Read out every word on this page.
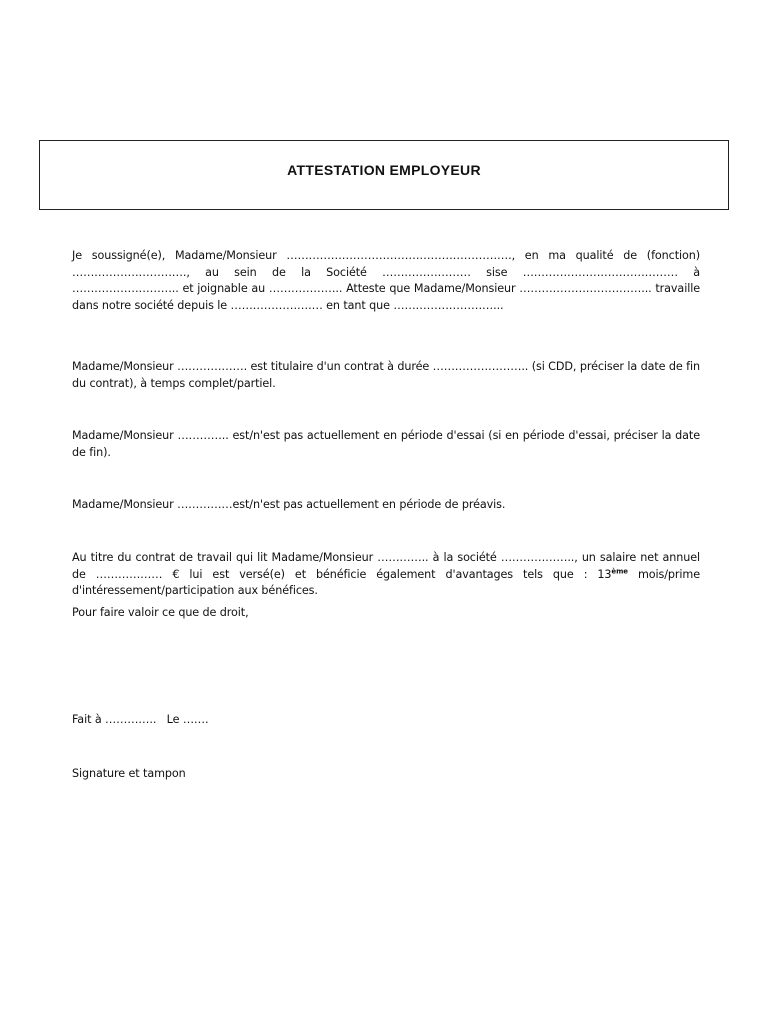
ATTESTATION EMPLOYEUR

Je soussigné(e), Madame/Monsieur ……………………………………………………., en ma qualité de (fonction) …………………………., au sein de la Société …………………… sise …………………………………… à ……………………….. et joignable au ……………….. Atteste que Madame/Monsieur ……………………………... travaille dans notre société depuis le ………………….… en tant que ………………………...

Madame/Monsieur ………………. est titulaire d'un contrat à durée …………………….. (si CDD, préciser la date de fin du contrat), à temps complet/partiel.

Madame/Monsieur ………….. est/n'est pas actuellement en période d'essai (si en période d'essai, préciser la date de fin).

Madame/Monsieur ……………est/n'est pas actuellement en période de préavis.

Au titre du contrat de travail qui lit Madame/Monsieur ………….. à la société ……………….., un salaire net annuel de ……………… € lui est versé(e) et bénéficie également d'avantages tels que : 13ème mois/prime d'intéressement/participation aux bénéfices.

Pour faire valoir ce que de droit,

Fait à …………..   Le …….

Signature et tampon
